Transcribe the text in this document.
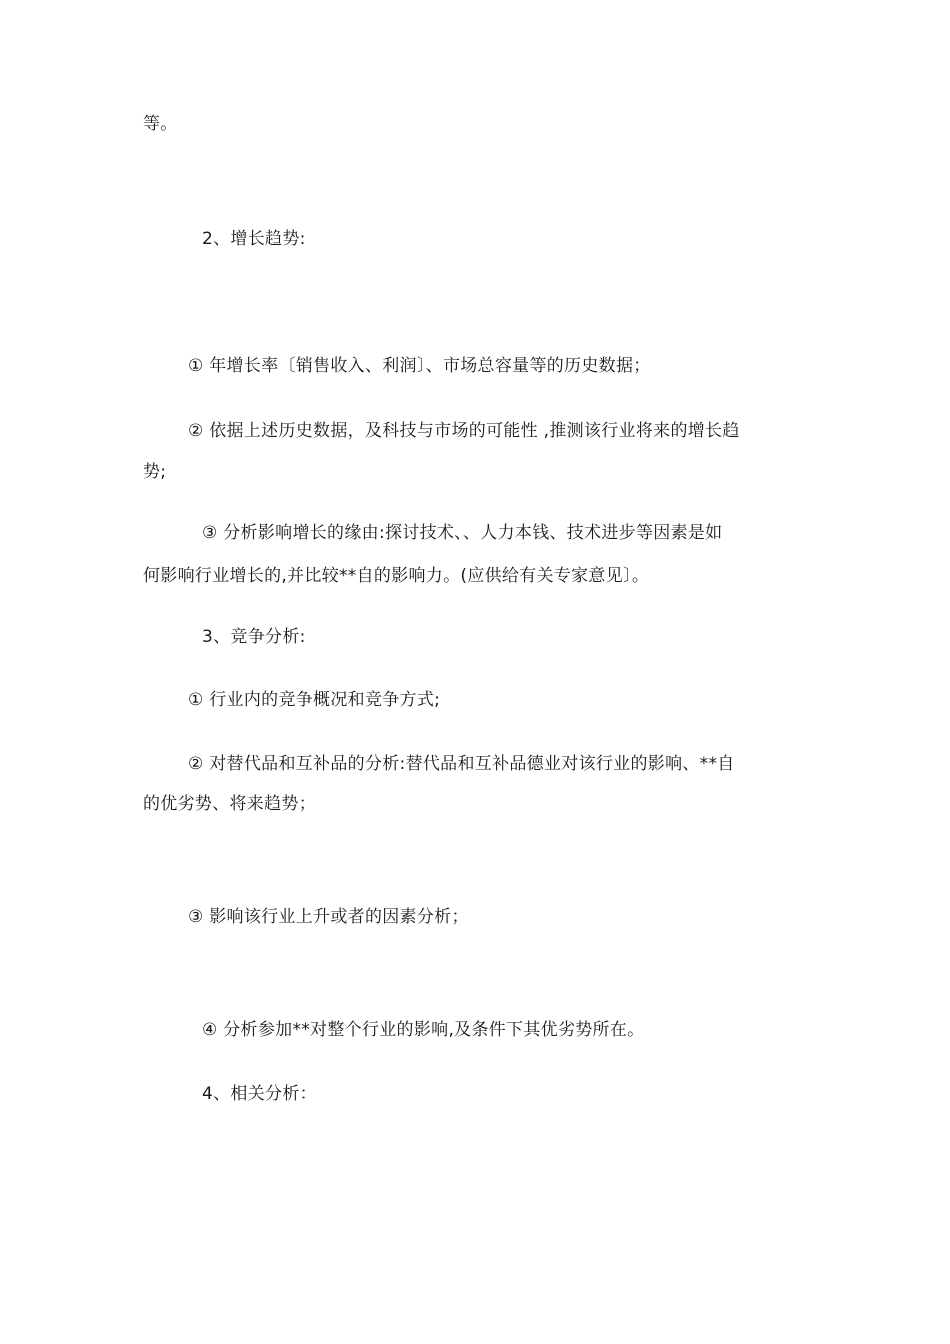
等。
2、增长趋势:
① 年增长率〔销售收入、利润〕、市场总容量等的历史数据；
② 依据上述历史数据，及科技与市场的可能性 ,推测该行业将来的增长趋
势;
③ 分析影响增长的缘由:探讨技术、、人力本钱、技术进步等因素是如
何影响行业增长的,并比较**自的影响力。(应供给有关专家意见〕。
3、竞争分析:
① 行业内的竞争概况和竞争方式;
② 对替代品和互补品的分析:替代品和互补品德业对该行业的影响、**自
的优劣势、将来趋势；
③ 影响该行业上升或者的因素分析；
④ 分析参加**对整个行业的影响,及条件下其优劣势所在。
4、相关分析：
